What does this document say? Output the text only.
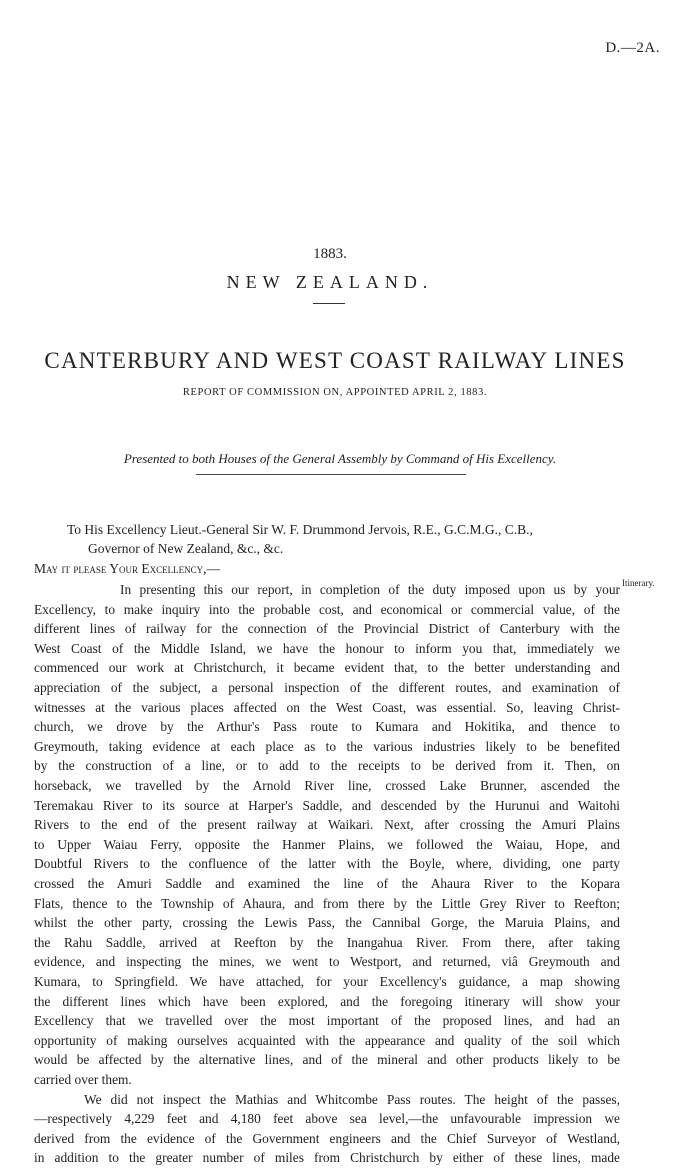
D.—2A.
1883.
NEW ZEALAND.
CANTERBURY AND WEST COAST RAILWAY LINES
REPORT OF COMMISSION ON, APPOINTED APRIL 2, 1883.
Presented to both Houses of the General Assembly by Command of His Excellency.
To His Excellency Lieut.-General Sir W. F. Drummond Jervois, R.E., G.C.M.G., C.B.,
Governor of New Zealand, &c., &c.
May it please Your Excellency,—
Itinerary.
In presenting this our report, in completion of the duty imposed upon us by your
Excellency, to make inquiry into the probable cost, and economical or commercial value, of the
different lines of railway for the connection of the Provincial District of Canterbury with the
West Coast of the Middle Island, we have the honour to inform you that, immediately we
commenced our work at Christchurch, it became evident that, to the better understanding and
appreciation of the subject, a personal inspection of the different routes, and examination of
witnesses at the various places affected on the West Coast, was essential. So, leaving Christ-
church, we drove by the Arthur's Pass route to Kumara and Hokitika, and thence to
Greymouth, taking evidence at each place as to the various industries likely to be benefited
by the construction of a line, or to add to the receipts to be derived from it. Then, on
horseback, we travelled by the Arnold River line, crossed Lake Brunner, ascended the
Teremakau River to its source at Harper's Saddle, and descended by the Hurunui and Waitohi
Rivers to the end of the present railway at Waikari. Next, after crossing the Amuri Plains
to Upper Waiau Ferry, opposite the Hanmer Plains, we followed the Waiau, Hope, and
Doubtful Rivers to the confluence of the latter with the Boyle, where, dividing, one party
crossed the Amuri Saddle and examined the line of the Ahaura River to the Kopara
Flats, thence to the Township of Ahaura, and from there by the Little Grey River to Reefton;
whilst the other party, crossing the Lewis Pass, the Cannibal Gorge, the Maruia Plains, and
the Rahu Saddle, arrived at Reefton by the Inangahua River. From there, after taking
evidence, and inspecting the mines, we went to Westport, and returned, viâ Greymouth and
Kumara, to Springfield. We have attached, for your Excellency's guidance, a map showing
the different lines which have been explored, and the foregoing itinerary will show your
Excellency that we travelled over the most important of the proposed lines, and had an
opportunity of making ourselves acquainted with the appearance and quality of the soil which
would be affected by the alternative lines, and of the mineral and other products likely to be
carried over them.
We did not inspect the Mathias and Whitcombe Pass routes. The height of the passes,
—respectively 4,229 feet and 4,180 feet above sea level,—the unfavourable impression we
derived from the evidence of the Government engineers and the Chief Surveyor of Westland,
in addition to the greater number of miles from Christchurch by either of these lines, made
